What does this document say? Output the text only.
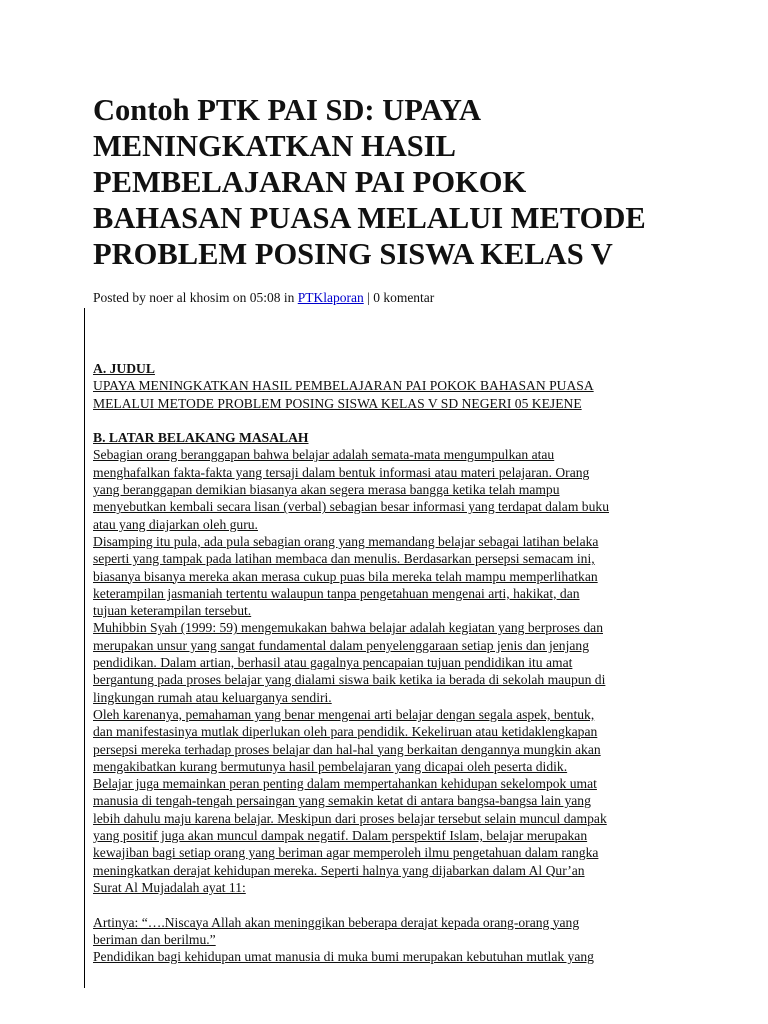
Contoh PTK PAI SD: UPAYA
MENINGKATKAN HASIL
PEMBELAJARAN PAI POKOK
BAHASAN PUASA MELALUI METODE
PROBLEM POSING SISWA KELAS V
Posted by noer al khosim on 05:08 in PTKlaporan | 0 komentar
A. JUDUL
UPAYA MENINGKATKAN HASIL PEMBELAJARAN PAI POKOK BAHASAN PUASA
MELALUI METODE PROBLEM POSING SISWA KELAS V SD NEGERI 05 KEJENE
B. LATAR BELAKANG MASALAH
Sebagian orang beranggapan bahwa belajar adalah semata-mata mengumpulkan atau
menghafalkan fakta-fakta yang tersaji dalam bentuk informasi atau materi pelajaran. Orang
yang beranggapan demikian biasanya akan segera merasa bangga ketika telah mampu
menyebutkan kembali secara lisan (verbal) sebagian besar informasi yang terdapat dalam buku
atau yang diajarkan oleh guru.
Disamping itu pula, ada pula sebagian orang yang memandang belajar sebagai latihan belaka
seperti yang tampak pada latihan membaca dan menulis. Berdasarkan persepsi semacam ini,
biasanya bisanya mereka akan merasa cukup puas bila mereka telah mampu memperlihatkan
keterampilan jasmaniah tertentu walaupun tanpa pengetahuan mengenai arti, hakikat, dan
tujuan keterampilan tersebut.
Muhibbin Syah (1999: 59) mengemukakan bahwa belajar adalah kegiatan yang berproses dan
merupakan unsur yang sangat fundamental dalam penyelenggaraan setiap jenis dan jenjang
pendidikan. Dalam artian, berhasil atau gagalnya pencapaian tujuan pendidikan itu amat
bergantung pada proses belajar yang dialami siswa baik ketika ia berada di sekolah maupun di
lingkungan rumah atau keluarganya sendiri.
Oleh karenanya, pemahaman yang benar mengenai arti belajar dengan segala aspek, bentuk,
dan manifestasinya mutlak diperlukan oleh para pendidik. Kekeliruan atau ketidaklengkapan
persepsi mereka terhadap proses belajar dan hal-hal yang berkaitan dengannya mungkin akan
mengakibatkan kurang bermutunya hasil pembelajaran yang dicapai oleh peserta didik.
Belajar juga memainkan peran penting dalam mempertahankan kehidupan sekelompok umat
manusia di tengah-tengah persaingan yang semakin ketat di antara bangsa-bangsa lain yang
lebih dahulu maju karena belajar. Meskipun dari proses belajar tersebut selain muncul dampak
yang positif juga akan muncul dampak negatif. Dalam perspektif Islam, belajar merupakan
kewajiban bagi setiap orang yang beriman agar memperoleh ilmu pengetahuan dalam rangka
meningkatkan derajat kehidupan mereka. Seperti halnya yang dijabarkan dalam Al Qur’an
Surat Al Mujadalah ayat 11:
Artinya: “….Niscaya Allah akan meninggikan beberapa derajat kepada orang-orang yang
beriman dan berilmu.”
Pendidikan bagi kehidupan umat manusia di muka bumi merupakan kebutuhan mutlak yang
